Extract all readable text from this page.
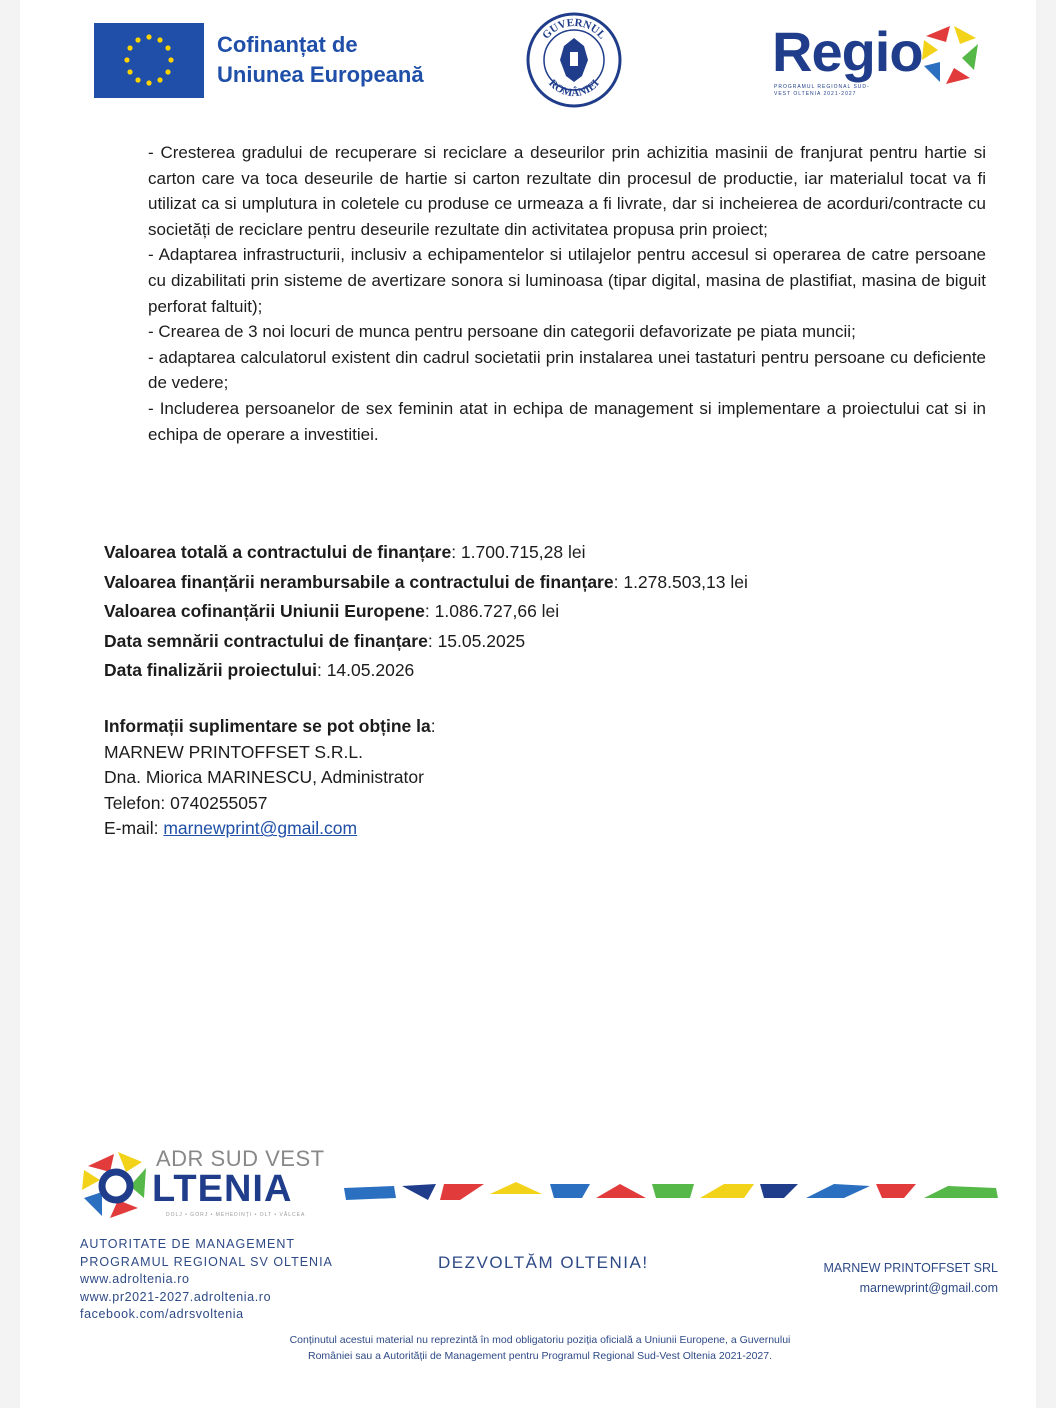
Cofinanțat de
Uniunea Europeană
GUVERNUL
ROMÂNIEI
Regio
PROGRAMUL REGIONAL SUD-VEST OLTENIA 2021-2027

- Cresterea gradului de recuperare si reciclare a deseurilor prin achizitia masinii de franjurat pentru hartie si carton care va toca deseurile de hartie si carton rezultate din procesul de productie, iar materialul tocat va fi utilizat ca si umplutura in coletele cu produse ce urmeaza a fi livrate, dar si incheierea de acorduri/contracte cu societăți de reciclare pentru deseurile rezultate din activitatea propusa prin proiect;

- Adaptarea infrastructurii, inclusiv a echipamentelor si utilajelor pentru accesul si operarea de catre persoane cu dizabilitati prin sisteme de avertizare sonora si luminoasa (tipar digital, masina de plastifiat, masina de biguit perforat faltuit);

- Crearea de 3 noi locuri de munca pentru persoane din categorii defavorizate pe piata muncii;

- adaptarea calculatorul existent din cadrul societatii prin instalarea unei tastaturi pentru persoane cu deficiente de vedere;

- Includerea persoanelor de sex feminin atat in echipa de management si implementare a proiectului cat si in echipa de operare a investitiei.

Valoarea totală a contractului de finanțare: 1.700.715,28 lei
Valoarea finanțării nerambursabile a contractului de finanțare: 1.278.503,13 lei
Valoarea cofinanțării Uniunii Europene: 1.086.727,66 lei
Data semnării contractului de finanțare: 15.05.2025
Data finalizării proiectului: 14.05.2026
Informații suplimentare se pot obține la:
MARNEW PRINTOFFSET S.R.L.
Dna. Miorica MARINESCU, Administrator
Telefon: 0740255057
E-mail: marnewprint@gmail.com
ADR SUD VEST
LTENIA
DOLJ • GORJ • MEHEDINȚI • OLT • VÂLCEA
AUTORITATE DE MANAGEMENT
PROGRAMUL REGIONAL SV OLTENIA
www.adroltenia.ro
www.pr2021-2027.adroltenia.ro
facebook.com/adrsvoltenia
DEZVOLTĂM OLTENIA!	MARNEW PRINTOFFSET SRL
marnewprint@gmail.com
Conținutul acestui material nu reprezintă în mod obligatoriu poziția oficială a Uniunii Europene, a Guvernului
României sau a Autorității de Management pentru Programul Regional Sud-Vest Oltenia 2021-2027.
